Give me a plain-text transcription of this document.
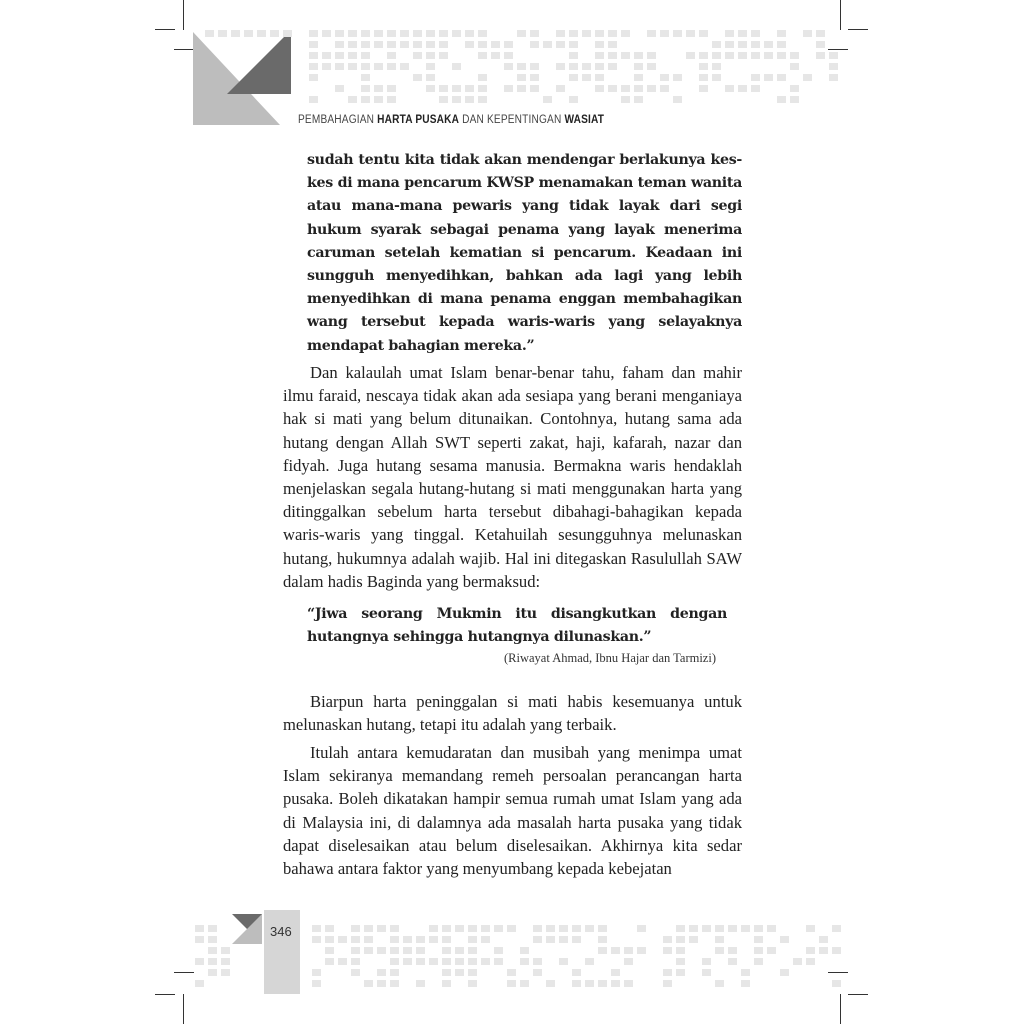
PEMBAHAGIAN HARTA PUSAKA DAN KEPENTINGAN WASIAT

sudah tentu kita tidak akan mendengar berlakunya kes-kes di mana pencarum KWSP menamakan teman wanita atau mana-mana pewaris yang tidak layak dari segi hukum syarak sebagai penama yang layak menerima caruman setelah kematian si pencarum. Keadaan ini sungguh menyedihkan, bahkan ada lagi yang lebih menyedihkan di mana penama enggan membahagikan wang tersebut kepada waris-waris yang selayaknya mendapat bahagian mereka.”

Dan kalaulah umat Islam benar-benar tahu, faham dan mahir ilmu faraid, nescaya tidak akan ada sesiapa yang berani menganiaya hak si mati yang belum ditunaikan. Contohnya, hutang sama ada hutang dengan Allah SWT seperti zakat, haji, kafarah, nazar dan fidyah. Juga hutang sesama manusia. Bermakna waris hendaklah menjelaskan segala hutang-hutang si mati menggunakan harta yang ditinggalkan sebelum harta tersebut dibahagi-bahagikan kepada waris-waris yang tinggal. Ketahuilah sesungguhnya melunaskan hutang, hukumnya adalah wajib. Hal ini ditegaskan Rasulullah SAW dalam hadis Baginda yang bermaksud:

“Jiwa seorang Mukmin itu disangkutkan dengan hutangnya sehingga hutangnya dilunaskan.”

(Riwayat Ahmad, Ibnu Hajar dan Tarmizi)

Biarpun harta peninggalan si mati habis kesemuanya untuk melunaskan hutang, tetapi itu adalah yang terbaik.

Itulah antara kemudaratan dan musibah yang menimpa umat Islam sekiranya memandang remeh persoalan perancangan harta pusaka. Boleh dikatakan hampir semua rumah umat Islam yang ada di Malaysia ini, di dalamnya ada masalah harta pusaka yang tidak dapat diselesaikan atau belum diselesaikan. Akhirnya kita sedar bahawa antara faktor yang menyumbang kepada kebejatan

346
